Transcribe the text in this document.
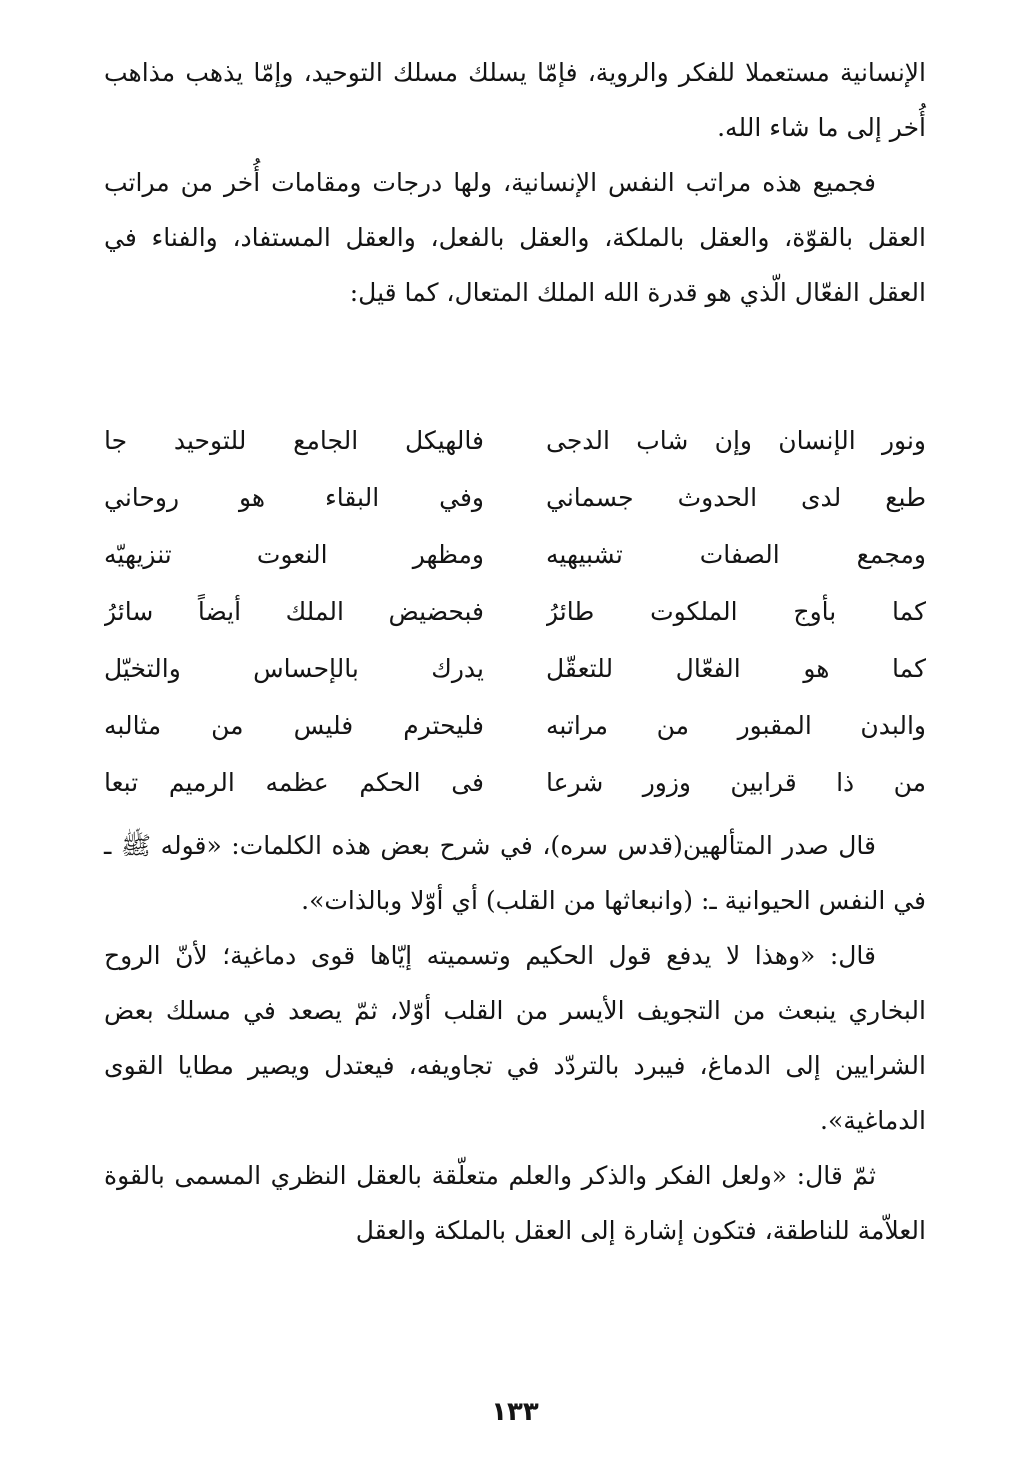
الإنسانية مستعملا للفكر والروية، فإمّا يسلك مسلك التوحيد، وإمّا يذهب مذاهب أُخر إلى ما شاء الله.

فجميع هذه مراتب النفس الإنسانية، ولها درجات ومقامات أُخر من مراتب العقل بالقوّة، والعقل بالملكة، والعقل بالفعل، والعقل المستفاد، والفناء في العقل الفعّال الّذي هو قدرة الله الملك المتعال، كما قيل:

ونور الإنسان وإن شاب الدجى
فالهيكل الجامع للتوحيد جا
طبع لدى الحدوث جسماني
وفي البقاء هو روحاني
ومجمع الصفات تشبيهيه
ومظهر النعوت تنزيهيّه
كما بأوج الملكوت طائرُ
فبحضيض الملك أيضاً سائرُ
كما هو الفعّال للتعقّل
يدرك بالإحساس والتخيّل
والبدن المقبور من مراتبه
فليحترم فليس من مثالبه
من ذا قرابين وزور شرعا
فى الحكم عظمه الرميم تبعا

قال صدر المتألهين(قدس سره)، في شرح بعض هذه الكلمات: «قوله ﷺ ـ في النفس الحيوانية ـ: (وانبعاثها من القلب) أي أوّلا وبالذات».

قال: «وهذا لا يدفع قول الحكيم وتسميته إيّاها قوى دماغية؛ لأنّ الروح البخاري ينبعث من التجويف الأيسر من القلب أوّلا، ثمّ يصعد في مسلك بعض الشرايين إلى الدماغ، فيبرد بالتردّد في تجاويفه، فيعتدل ويصير مطايا القوى الدماغية».

ثمّ قال: «ولعل الفكر والذكر والعلم متعلّقة بالعقل النظري المسمى بالقوة العلاّمة للناطقة، فتكون إشارة إلى العقل بالملكة والعقل

١٣٣
